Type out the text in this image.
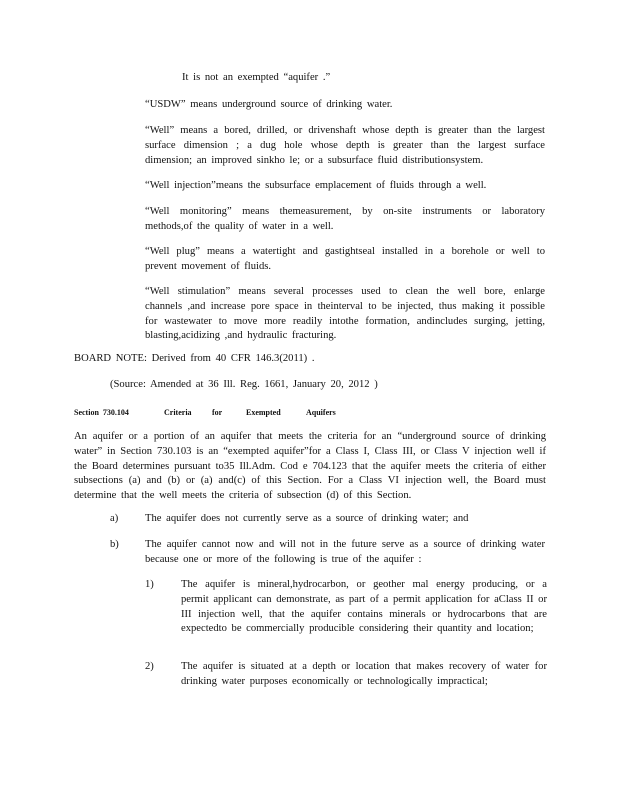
It is not an exempted “aquifer .”
“USDW” means underground source of drinking water.
“Well” means a bored, drilled, or drivenshaft whose depth is greater than the largest surface dimension ; a dug hole whose depth is greater than the largest surface dimension; an improved sinkho le; or a subsurface fluid distributionsystem.
“Well injection”means the subsurface emplacement of fluids through a well.
“Well monitoring” means themeasurement, by on-site instruments or laboratory methods,of the quality of water in a well.
“Well plug” means a watertight and gastightseal installed in a borehole or well to prevent movement of fluids.
“Well stimulation” means several processes used to clean the well bore, enlarge channels ,and increase pore space in theinterval to be injected, thus making it possible for wastewater to move more readily intothe formation, andincludes surging, jetting, blasting,acidizing ,and hydraulic fracturing.
BOARD NOTE: Derived from 40 CFR 146.3(2011) .
(Source: Amended at 36 Ill. Reg. 1661, January 20, 2012 )
Section 730.104	Criteria	for	Exempted	Aquifers
An aquifer or a portion of an aquifer that meets the criteria for an “underground source of drinking water” in Section 730.103 is an “exempted aquifer”for a Class I, Class III, or Class V injection well if the Board determines pursuant to35 Ill.Adm. Cod e 704.123 that the aquifer meets the criteria of either subsections (a) and (b) or (a) and(c) of this Section. For a Class VI injection well, the Board must determine that the well meets the criteria of subsection (d) of this Section.
a)	The aquifer does not currently serve as a source of drinking water; and
b) The aquifer cannot now and will not in the future serve as a source of drinking water because one or more of the following is true of the aquifer :
1)	The aquifer is mineral,hydrocarbon, or geother mal energy producing, or a permit applicant can demonstrate, as part of a permit application for aClass II or III injection well, that the aquifer contains minerals or hydrocarbons that are expectedto be commercially producible considering their quantity and location;
2)	The aquifer is situated at a depth or location that makes recovery of water for drinking water purposes economically or technologically impractical;
